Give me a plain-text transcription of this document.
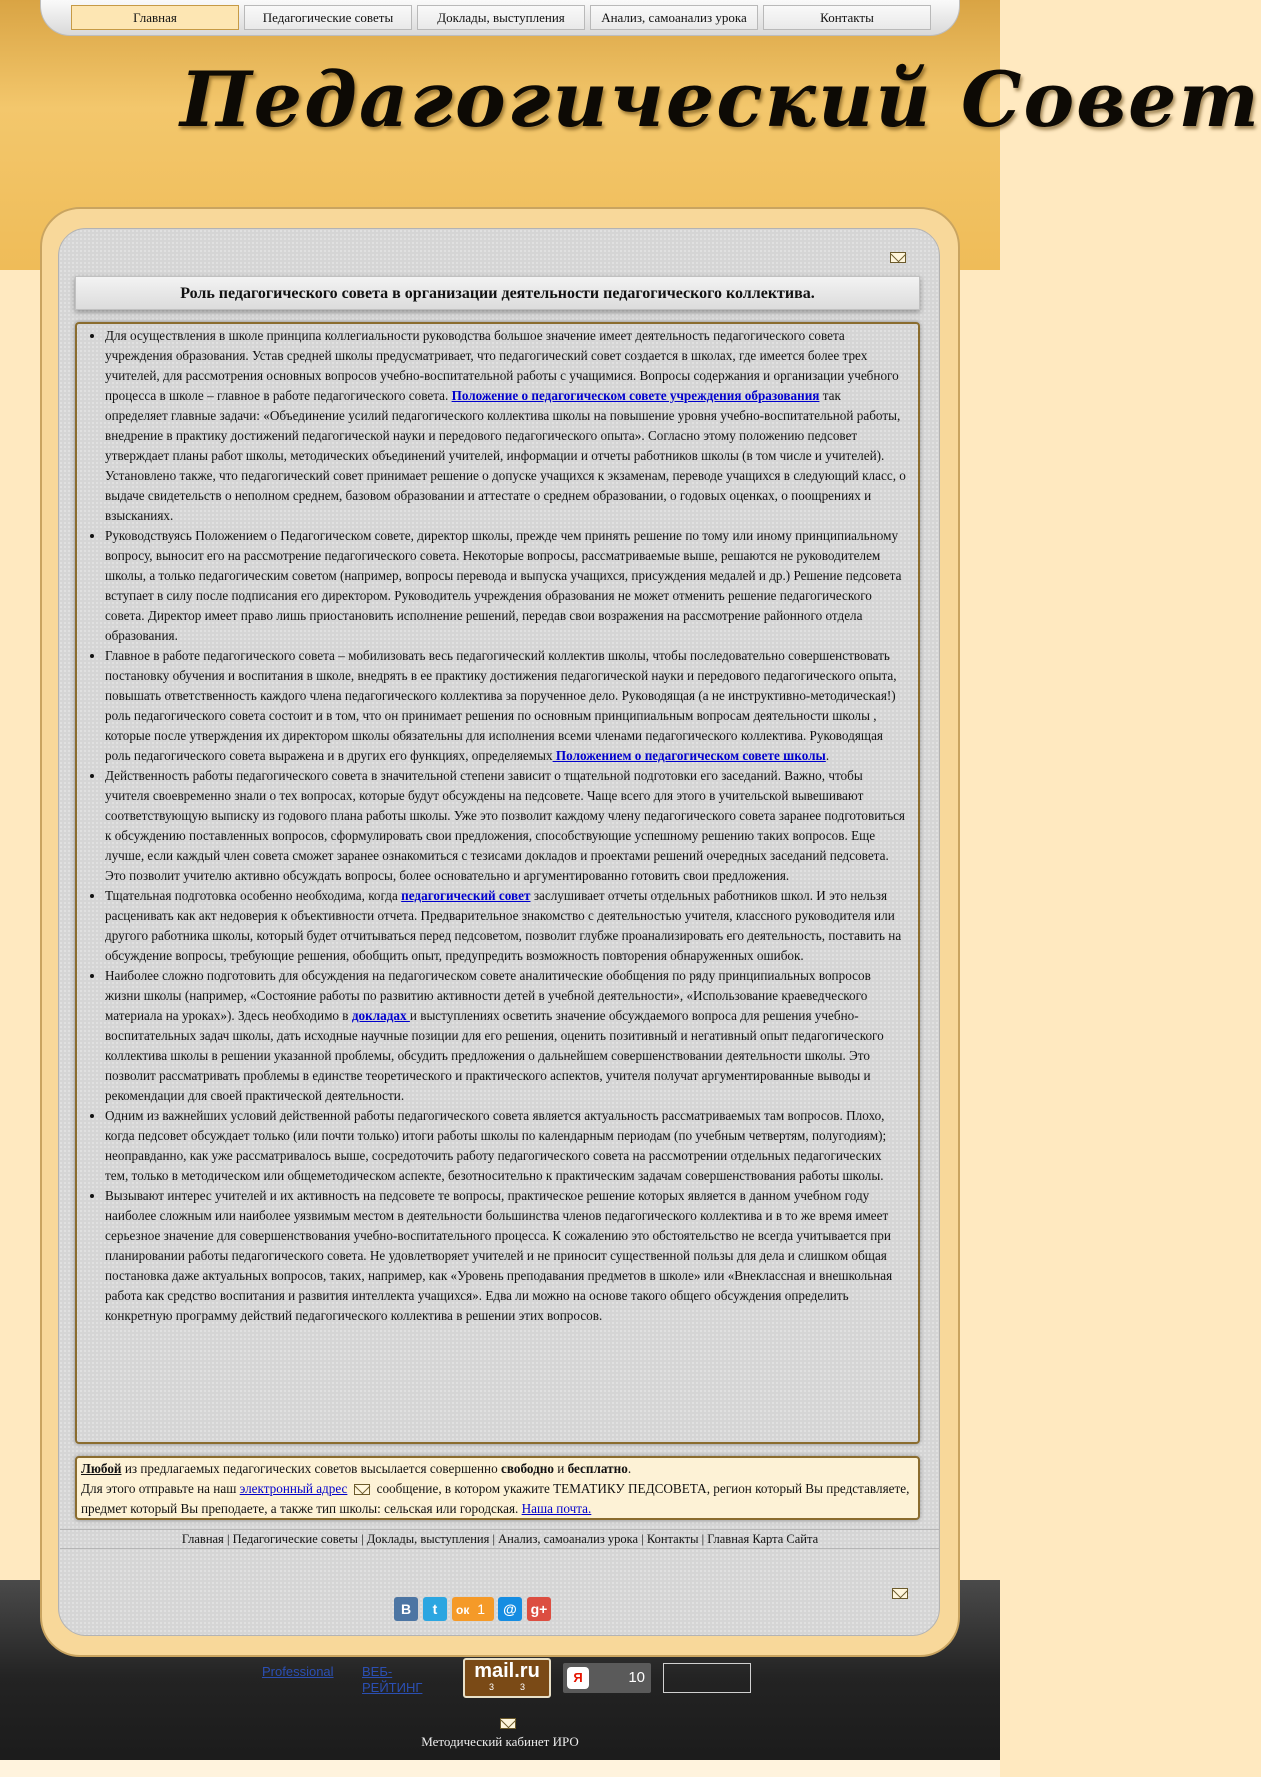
Главная	Педагогические советы	Доклады, выступления	Анализ, самоанализ урока	Контакты
Педагогический Совет
Роль педагогического совета в организации деятельности педагогического коллектива.
• Для осуществления в школе принципа коллегиальности руководства большое значение имеет деятельность педагогического совета учреждения образования. Устав средней школы предусматривает, что педагогический совет создается в школах, где имеется более трех учителей, для рассмотрения основных вопросов учебно-воспитательной работы с учащимися. Вопросы содержания и организации учебного процесса в школе – главное в работе педагогического совета. Положение о педагогическом совете учреждения образования так определяет главные задачи: «Объединение усилий педагогического коллектива школы на повышение уровня учебно-воспитательной работы, внедрение в практику достижений педагогической науки и передового педагогического опыта». Согласно этому положению педсовет утверждает планы работ школы, методических объединений учителей, информации и отчеты работников школы (в том числе и учителей). Установлено также, что педагогический совет принимает решение о допуске учащихся к экзаменам, переводе учащихся в следующий класс, о выдаче свидетельств о неполном среднем, базовом образовании и аттестате о среднем образовании, о годовых оценках, о поощрениях и взысканиях.
• Руководствуясь Положением о Педагогическом совете, директор школы, прежде чем принять решение по тому или иному принципиальному вопросу, выносит его на рассмотрение педагогического совета. Некоторые вопросы, рассматриваемые выше, решаются не руководителем школы, а только педагогическим советом (например, вопросы перевода и выпуска учащихся, присуждения медалей и др.) Решение педсовета вступает в силу после подписания его директором. Руководитель учреждения образования не может отменить решение педагогического совета. Директор имеет право лишь приостановить исполнение решений, передав свои возражения на рассмотрение районного отдела образования.
• Главное в работе педагогического совета – мобилизовать весь педагогический коллектив школы, чтобы последовательно совершенствовать постановку обучения и воспитания в школе, внедрять в ее практику достижения педагогической науки и передового педагогического опыта, повышать ответственность каждого члена педагогического коллектива за порученное дело. Руководящая (а не инструктивно-методическая!) роль педагогического совета состоит и в том, что он принимает решения по основным принципиальным вопросам деятельности школы , которые после утверждения их директором школы обязательны для исполнения всеми членами педагогического коллектива. Руководящая роль педагогического совета выражена и в других его функциях, определяемых Положением о педагогическом совете школы.
• Действенность работы педагогического совета в значительной степени зависит о тщательной подготовки его заседаний. Важно, чтобы учителя своевременно знали о тех вопросах, которые будут обсуждены на педсовете. Чаще всего для этого в учительской вывешивают соответствующую выписку из годового плана работы школы. Уже это позволит каждому члену педагогического совета заранее подготовиться к обсуждению поставленных вопросов, сформулировать свои предложения, способствующие успешному решению таких вопросов. Еще лучше, если каждый член совета сможет заранее ознакомиться с тезисами докладов и проектами решений очередных заседаний педсовета. Это позволит учителю активно обсуждать вопросы, более основательно и аргументированно готовить свои предложения.
• Тщательная подготовка особенно необходима, когда педагогический совет заслушивает отчеты отдельных работников школ. И это нельзя расценивать как акт недоверия к объективности отчета. Предварительное знакомство с деятельностью учителя, классного руководителя или другого работника школы, который будет отчитываться перед педсоветом, позволит глубже проанализировать его деятельность, поставить на обсуждение вопросы, требующие решения, обобщить опыт, предупредить возможность повторения обнаруженных ошибок.
• Наиболее сложно подготовить для обсуждения на педагогическом совете аналитические обобщения по ряду принципиальных вопросов жизни школы (например, «Состояние работы по развитию активности детей в учебной деятельности», «Использование краеведческого материала на уроках»). Здесь необходимо в докладах и выступлениях осветить значение обсуждаемого вопроса для решения учебно-воспитательных задач школы, дать исходные научные позиции для его решения, оценить позитивный и негативный опыт педагогического коллектива школы в решении указанной проблемы, обсудить предложения о дальнейшем совершенствовании деятельности школы. Это позволит рассматривать проблемы в единстве теоретического и практического аспектов, учителя получат аргументированные выводы и рекомендации для своей практической деятельности.
• Одним из важнейших условий действенной работы педагогического совета является актуальность рассматриваемых там вопросов. Плохо, когда педсовет обсуждает только (или почти только) итоги работы школы по календарным периодам (по учебным четвертям, полугодиям); неоправданно, как уже рассматривалось выше, сосредоточить работу педагогического совета на рассмотрении отдельных педагогических тем, только в методическом или общеметодическом аспекте, безотносительно к практическим задачам совершенствования работы школы.
• Вызывают интерес учителей и их активность на педсовете те вопросы, практическое решение которых является в данном учебном году наиболее сложным или наиболее уязвимым местом в деятельности большинства членов педагогического коллектива и в то же время имеет серьезное значение для совершенствования учебно-воспитательного процесса. К сожалению это обстоятельство не всегда учитывается при планировании работы педагогического совета. Не удовлетворяет учителей и не приносит существенной пользы для дела и слишком общая постановка даже актуальных вопросов, таких, например, как «Уровень преподавания предметов в школе» или «Внеклассная и внешкольная работа как средство воспитания и развития интеллекта учащихся». Едва ли можно на основе такого общего обсуждения определить конкретную программу действий педагогического коллектива в решении этих вопросов.
Любой из предлагаемых педагогических советов высылается совершенно свободно и бесплатно.
Для этого отправьте на наш электронный адрес сообщение, в котором укажите ТЕМАТИКУ ПЕДСОВЕТА, регион который Вы представляете, предмет который Вы преподаете, а также тип школы: сельская или городская. Наша почта.
Главная | Педагогические советы | Доклады, выступления | Анализ, самоанализ урока | Контакты | Главная Карта Сайта
В	t	ок 1	@ g+
Professional	ВЕБ-РЕЙТИНГ
mail.ru
3	3
Я	10
Методический кабинет ИРО
